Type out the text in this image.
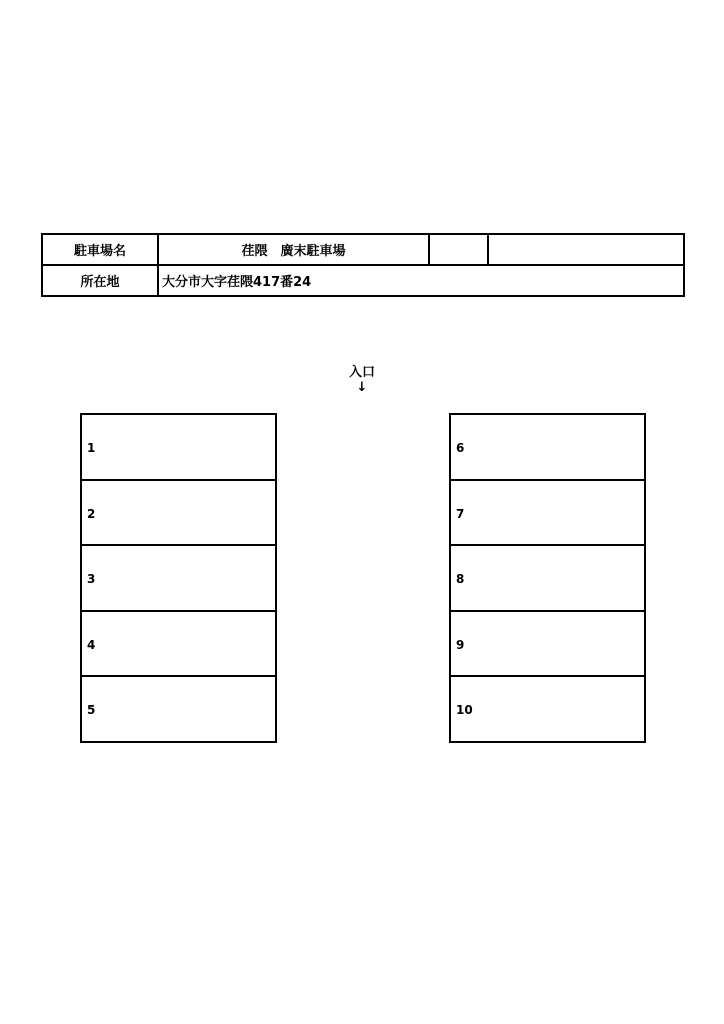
駐車場名	荏隈　廣末駐車場		
所在地	大分市大字荏隈417番24		
入口
↓
1
2
3
4
5
6
7
8
9
10
